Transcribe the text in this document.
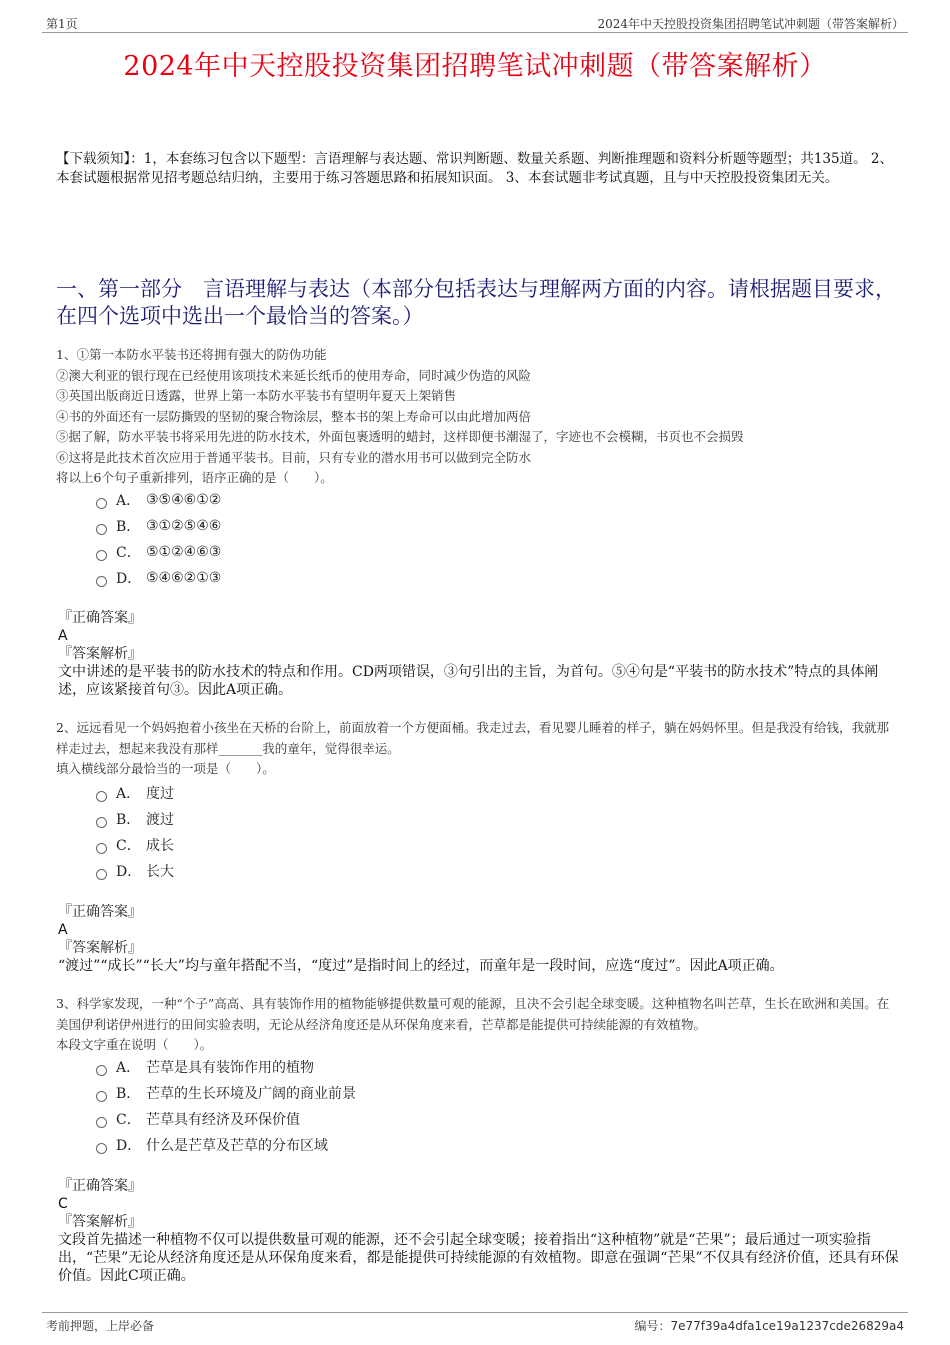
第1页	2024年中天控股投资集团招聘笔试冲刺题（带答案解析）
2024年中天控股投资集团招聘笔试冲刺题（带答案解析）
【下载须知】：1，本套练习包含以下题型：言语理解与表达题、常识判断题、数量关系题、判断推理题和资料分析题等题型；共135道。 2、本套试题根据常见招考题总结归纳，主要用于练习答题思路和拓展知识面。 3、本套试题非考试真题，且与中天控股投资集团无关。
一、第一部分　言语理解与表达（本部分包括表达与理解两方面的内容。请根据题目要求，在四个选项中选出一个最恰当的答案。）
1、①第一本防水平装书还将拥有强大的防伪功能
②澳大利亚的银行现在已经使用该项技术来延长纸币的使用寿命，同时减少伪造的风险
③英国出版商近日透露，世界上第一本防水平装书有望明年夏天上架销售
④书的外面还有一层防撕毁的坚韧的聚合物涂层，整本书的架上寿命可以由此增加两倍
⑤据了解，防水平装书将采用先进的防水技术，外面包裹透明的蜡封，这样即便书潮湿了，字迹也不会模糊，书页也不会损毁
⑥这将是此技术首次应用于普通平装书。目前，只有专业的潜水用书可以做到完全防水
将以上6个句子重新排列，语序正确的是（　　）。
A． ③⑤④⑥①②
B． ③①②⑤④⑥
C． ⑤①②④⑥③
D． ⑤④⑥②①③
『正确答案』
A
『答案解析』
文中讲述的是平装书的防水技术的特点和作用。CD两项错误，③句引出的主旨，为首句。⑤④句是“平装书的防水技术”特点的具体阐述，应该紧接首句③。因此A项正确。
2、远远看见一个妈妈抱着小孩坐在天桥的台阶上，前面放着一个方便面桶。我走过去，看见婴儿睡着的样子，躺在妈妈怀里。但是我没有给钱，我就那样走过去，想起来我没有那样_______我的童年，觉得很幸运。
填入横线部分最恰当的一项是（　　）。
A． 度过
B． 渡过
C． 成长
D． 长大
『正确答案』
A
『答案解析』
“渡过”“成长”“长大”均与童年搭配不当，“度过”是指时间上的经过，而童年是一段时间，应选“度过”。因此A项正确。
3、科学家发现，一种“个子”高高、具有装饰作用的植物能够提供数量可观的能源，且决不会引起全球变暖。这种植物名叫芒草，生长在欧洲和美国。在美国伊利诺伊州进行的田间实验表明，无论从经济角度还是从环保角度来看，芒草都是能提供可持续能源的有效植物。
本段文字重在说明（　　）。
A． 芒草是具有装饰作用的植物
B． 芒草的生长环境及广阔的商业前景
C． 芒草具有经济及环保价值
D． 什么是芒草及芒草的分布区域
『正确答案』
C
『答案解析』
文段首先描述一种植物不仅可以提供数量可观的能源，还不会引起全球变暖；接着指出“这种植物”就是“芒果”；最后通过一项实验指出，“芒果”无论从经济角度还是从环保角度来看，都是能提供可持续能源的有效植物。即意在强调“芒果”不仅具有经济价值，还具有环保价值。因此C项正确。
考前押题，上岸必备	编号：7e77f39a4dfa1ce19a1237cde26829a4
